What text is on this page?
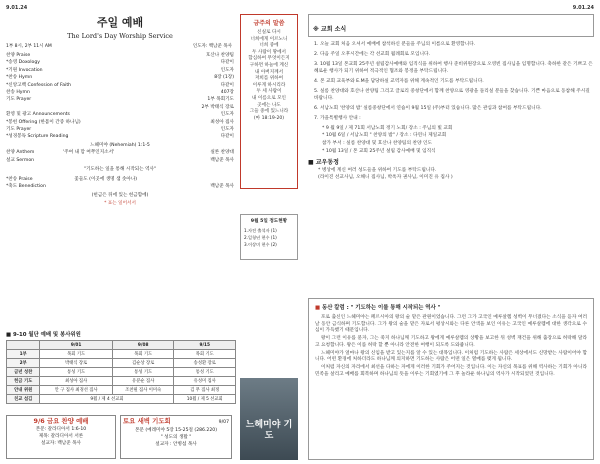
9.01.24	9.01.24
주일 예배
The Lord's Day Worship Service
1부 8시, 2부 11시 AM	인도자: 백남준 목사
찬양 Praise	호산나 찬양팀
*송영 Doxology	다같이
*기원 Invocation	인도자
*찬송 Hymn	8장 (1장)
*신앙고백 Confession of Faith	다같이
찬송 Hymn	407장
기도 Prayer	1부 목회기도
2부 박태식 장로
환영 및 광고 Announcements	인도자
*봉헌 Offering (한몸이 간증 하나님)	최성아 집사
기도 Prayer	인도자
*성경봉독 Scripture Reading	다같이
느헤미야 (Nehemiah) 1:1-5
찬양 Anthem	'주여 내 맘 여쭈인지소서'	실론 찬양대
설교 Sermon	백남준 목사
"기도하는 일을 통해 시작되는 역사"
*찬송 Praise	꽃들도 (이곳에 생명 샘 솟아나)
*축도 Benediction	백남준 목사
(헌금은 뒤에 있는 헌금함에)
* 표는 일어서서
금주의 말씀
신실로 다시
너희에게 이르노니
너희 중에
두 사람이 땅에서
합심하여 무엇이든지
구하면 하늘에 계신
내 아버지께서
저희를 위하여
이루게 하시리라
두 세 사람이
내 이름으로 모인
곳에는 나도
그들 중에 있느니라
(마 18:19-20)
9월 5일 정도현황
1.자전 출석자 (1)
2.일청년 현수 (1)
3.이상미 현수 (2)
■ 9-10 월단 예배 및 봉사위원
	9/01	9/08	9/15
1부	목회 기도	목회 기도	목회 기도
2부	박태식 장로	김순상 장로	송성환 장로
금년 성찬	통성 기도	통성 기도	통성 기도
헌금 기도	최성아 집사	유분순 집사	유성미 집사
안내 위원	안 구 집사 최경선 집사	조찬필 집사 이미숙	김 무 집사 최정
친교 섬김	9월 / 제 4 선교회		10월 / 제 5 선교회
9/6 금요 찬양 예배
본문: 갈라디아서 1:6-10
제목: 갈라디아서 서론
설교자: 백남준 목사
토요 새벽 기도회	9/07
본문 (예레미야 5장 15-25절 (286.220)
" 성도의 생활 "
설교자 : 안병섭 목사
느헤미야 기도
※ 교회 소식

1. 오늘 교회 처음 오셔서 예배에 참석하신 분들을 주님의 이름으로 환영합니다.

2. 다음 주일 오후시간에는 각 선교회 월례회로 모입니다.

3. 10월 13일 본교회 25주년 설립감사예배와 임직식을 위하여 행사 준비위원장으로 오영빈 집사님을 임명합니다. 축하한 같은 기쁘고 은혜로운 행사가 되기 위하여 적극적인 협조와 봉정을 부탁드립니다.

4. 본 교회 교육부와 E.M을 담당하실 교역자를 위해 계속적인 기도를 부탁드립니다.

5. 실롬 찬양대와 호산나 찬양팀 그리고 글로리 중창단에서 함께 찬양으로 영광을 돌리실 분들을 찾습니다. 기쁜 마음으로 동참해 주시길 바랍니다.

6. 서남노회 '찬양의 밤' 실롬중창단에서 연습이 9월 15일 (주)부터 있습니다. 많은 관심과 참여를 부탁드립니다.

7. 가을특별행사 안내 :

* 9 월 9일 / 제 71회 서남노회 정기 노회/ 장소 : 주님의 빛 교회

* 10월 6일 / 서남노회 " 찬양의 밤" / 장소 : 다윈니 제일교회

참가 부서 : 실롬 찬양대 및 호산나 찬양팀의 찬양 인도

* 10월 13일 / 본 교회 25주년 설립 감사예배 및 임직식

■ 교우동정
* 병상에 계신 여러 성도들을 위하여 기도를 부탁드립니다.
(라이진 선교사님, 오해니 집사님, 박옥자 권사님, 이미진 유 집사 )
■ 동산 칼럼 : " 기도하는 이를 통해 시작되는 역사 "

포로 출신인 느헤미야는 페르시아의 왕의 술 맡은 관원이었습니다. 그런 그가 고국인 예루살렘 성벽이 무너졌다는 소식을 듣자 여러 날 동안 금식하며 기도합니다. 그가 왕의 술을 맡은 자로서 평상시와는 다른 안색을 보인 이유는 고국인 예루살렘에 대한 생각으로 수심이 가득했기 때문입니다.

왕이 그런 이유를 묻자, 그는 죽지 하나님께 기도하고 왕에게 예루살렘의 상황을 보고한 뒤 성벽 재건을 위해 출장으로 허락해 달라고 요청합니다. 왕은 이를 허락 할 뿐 아니라 안전한 여행이 되도록 도와줍니다.

느헤미야가 얼마나 왕의 신임을 받고 있는지를 알 수 있는 대목입니다. 이처럼 기도하는 사람은 세상에서도 신망받는 사람이어야 합니다. 어떤 환경에 처하더라도 하나님께 의지하면 기도하는 사람은 어떤 일은 열매를 맺게 됩니다.

이처럼 자신의 자리에서 최선을 다하는 자에게 이러한 기회가 주어지는 것입니다. 이는 자신의 목표를 위해 역사하는 기회가 아니라 민족을 살리고 예배를 회복하며 하나님의 뜻을 이루는 기회였기에 그 후 놀라운 하나님의 역사가 시작되었던 것입니다.
